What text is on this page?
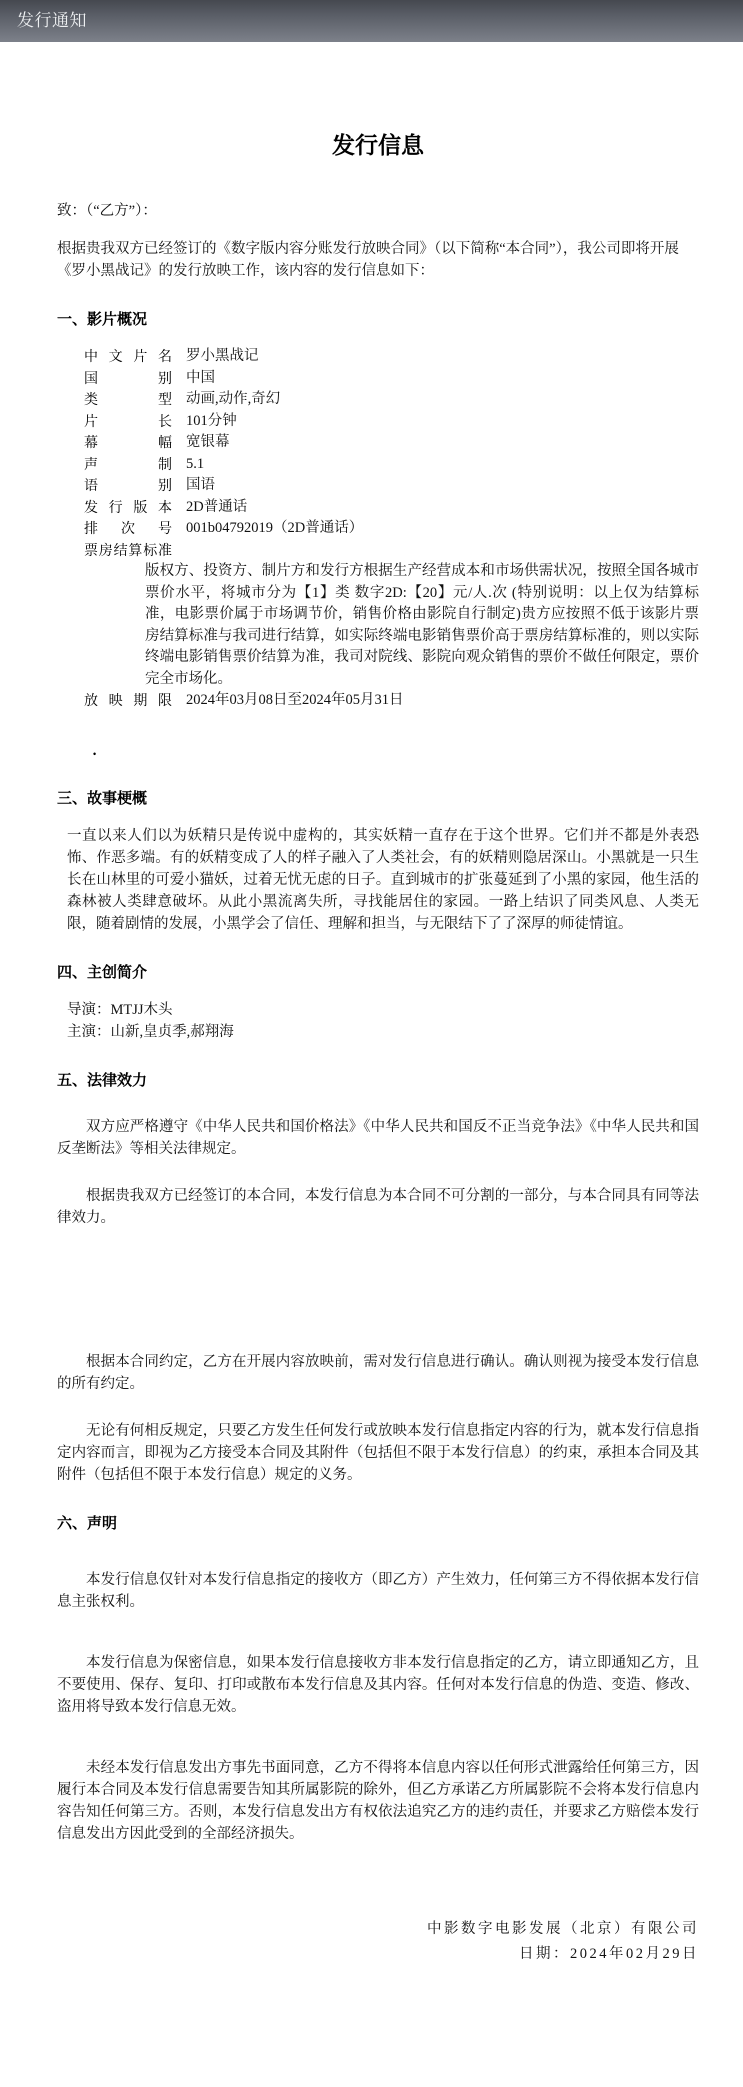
发行通知
发行信息

致：（“乙方”）：

根据贵我双方已经签订的《数字版内容分账发行放映合同》（以下简称“本合同”），我公司即将开展《罗小黑战记》的发行放映工作，该内容的发行信息如下：

一、影片概况
中文片名 罗小黑战记
国别 中国
类型 动画,动作,奇幻
片长 101分钟
幕幅 宽银幕
声制 5.1
语别 国语
发行版本 2D普通话
排次号 001b04792019（2D普通话）
票房结算标准

版权方、投资方、制片方和发行方根据生产经营成本和市场供需状况，按照全国各城市票价水平，将城市分为【1】类 数字2D:【20】元/人.次 (特别说明：以上仅为结算标准，电影票价属于市场调节价，销售价格由影院自行制定)贵方应按照不低于该影片票房结算标准与我司进行结算，如实际终端电影销售票价高于票房结算标准的，则以实际终端电影销售票价结算为准，我司对院线、影院向观众销售的票价不做任何限定，票价完全市场化。

放映期限 2024年03月08日至2024年05月31日
•
三、故事梗概

一直以来人们以为妖精只是传说中虚构的，其实妖精一直存在于这个世界。它们并不都是外表恐怖、作恶多端。有的妖精变成了人的样子融入了人类社会，有的妖精则隐居深山。小黑就是一只生长在山林里的可爱小猫妖，过着无忧无虑的日子。直到城市的扩张蔓延到了小黑的家园，他生活的森林被人类肆意破坏。从此小黑流离失所，寻找能居住的家园。一路上结识了同类风息、人类无限，随着剧情的发展，小黑学会了信任、理解和担当，与无限结下了了深厚的师徒情谊。

四、主创简介

导演：MTJJ木头

主演：山新,皇贞季,郝翔海

五、法律效力

双方应严格遵守《中华人民共和国价格法》《中华人民共和国反不正当竞争法》《中华人民共和国反垄断法》等相关法律规定。

根据贵我双方已经签订的本合同，本发行信息为本合同不可分割的一部分，与本合同具有同等法律效力。

根据本合同约定，乙方在开展内容放映前，需对发行信息进行确认。确认则视为接受本发行信息的所有约定。

无论有何相反规定，只要乙方发生任何发行或放映本发行信息指定内容的行为，就本发行信息指定内容而言，即视为乙方接受本合同及其附件（包括但不限于本发行信息）的约束，承担本合同及其附件（包括但不限于本发行信息）规定的义务。

六、声明

本发行信息仅针对本发行信息指定的接收方（即乙方）产生效力，任何第三方不得依据本发行信息主张权利。

本发行信息为保密信息，如果本发行信息接收方非本发行信息指定的乙方，请立即通知乙方，且不要使用、保存、复印、打印或散布本发行信息及其内容。任何对本发行信息的伪造、变造、修改、盗用将导致本发行信息无效。

未经本发行信息发出方事先书面同意，乙方不得将本信息内容以任何形式泄露给任何第三方，因履行本合同及本发行信息需要告知其所属影院的除外，但乙方承诺乙方所属影院不会将本发行信息内容告知任何第三方。否则，本发行信息发出方有权依法追究乙方的违约责任，并要求乙方赔偿本发行信息发出方因此受到的全部经济损失。

中影数字电影发展（北京）有限公司
日期：2024年02月29日
